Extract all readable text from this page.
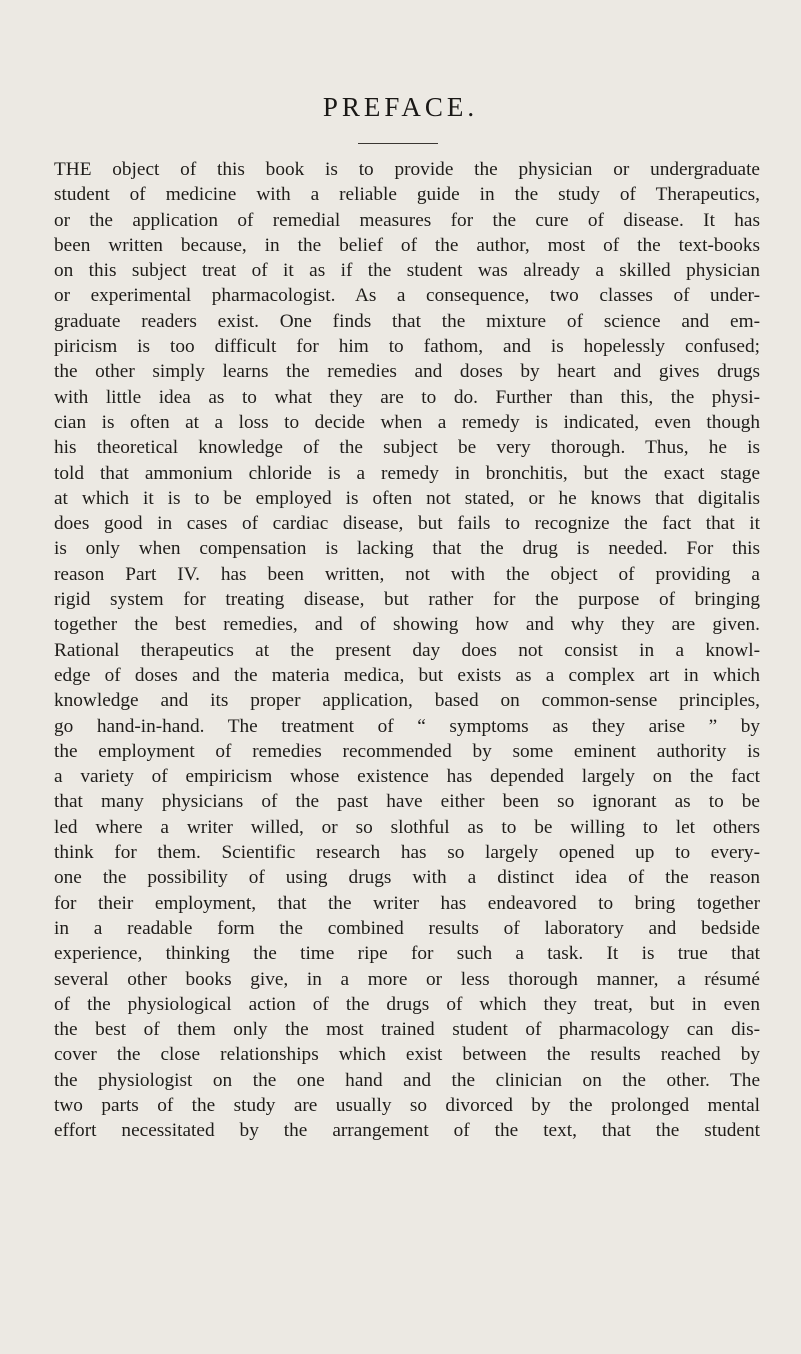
PREFACE.
THE object of this book is to provide the physician or undergraduate
student of medicine with a reliable guide in the study of Therapeutics,
or the application of remedial measures for the cure of disease. It has
been written because, in the belief of the author, most of the text-books
on this subject treat of it as if the student was already a skilled physician
or experimental pharmacologist. As a consequence, two classes of under-
graduate readers exist. One finds that the mixture of science and em-
piricism is too difficult for him to fathom, and is hopelessly confused;
the other simply learns the remedies and doses by heart and gives drugs
with little idea as to what they are to do. Further than this, the physi-
cian is often at a loss to decide when a remedy is indicated, even though
his theoretical knowledge of the subject be very thorough. Thus, he is
told that ammonium chloride is a remedy in bronchitis, but the exact stage
at which it is to be employed is often not stated, or he knows that digitalis
does good in cases of cardiac disease, but fails to recognize the fact that it
is only when compensation is lacking that the drug is needed. For this
reason Part IV. has been written, not with the object of providing a
rigid system for treating disease, but rather for the purpose of bringing
together the best remedies, and of showing how and why they are given.
Rational therapeutics at the present day does not consist in a knowl-
edge of doses and the materia medica, but exists as a complex art in which
knowledge and its proper application, based on common-sense principles,
go hand-in-hand. The treatment of “ symptoms as they arise ” by
the employment of remedies recommended by some eminent authority is
a variety of empiricism whose existence has depended largely on the fact
that many physicians of the past have either been so ignorant as to be
led where a writer willed, or so slothful as to be willing to let others
think for them. Scientific research has so largely opened up to every-
one the possibility of using drugs with a distinct idea of the reason
for their employment, that the writer has endeavored to bring together
in a readable form the combined results of laboratory and bedside
experience, thinking the time ripe for such a task. It is true that
several other books give, in a more or less thorough manner, a résumé
of the physiological action of the drugs of which they treat, but in even
the best of them only the most trained student of pharmacology can dis-
cover the close relationships which exist between the results reached by
the physiologist on the one hand and the clinician on the other. The
two parts of the study are usually so divorced by the prolonged mental
effort necessitated by the arrangement of the text, that the student
